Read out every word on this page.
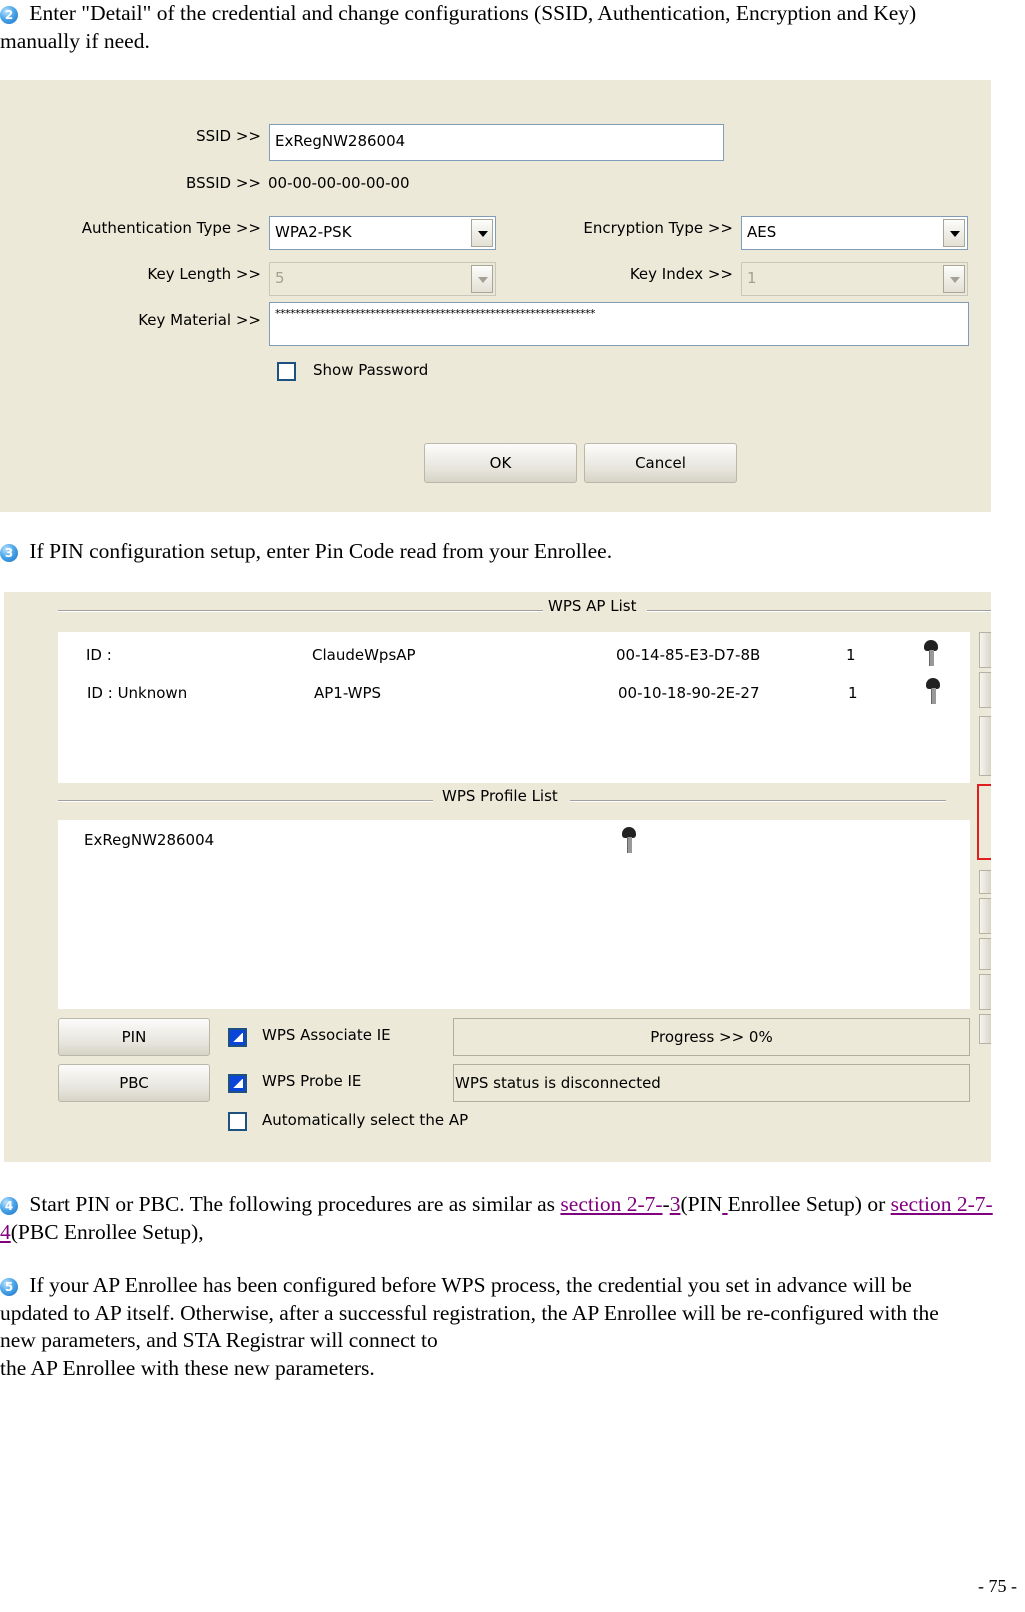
2 Enter "Detail" of the credential and change configurations (SSID, Authentication, Encryption and Key) manually if need.
SSID >> ExRegNW286004
BSSID >> 00-00-00-00-00-00
Authentication Type >> WPA2-PSK	Encryption Type >> AES
Key Length >> 5	Key Index >> 1
Key Material >>	****************************************************************
Show Password
OK	Cancel
3 If PIN configuration setup, enter Pin Code read from your Enrollee.
WPS AP List
ID :	ClaudeWpsAP	00-14-85-E3-D7-8B	1
ID : Unknown	AP1-WPS	00-10-18-90-2E-27	1
WPS Profile List
ExRegNW286004
PIN
PBC
WPS Associate IE
WPS Probe IE
Automatically select the AP
Progress >> 0%
WPS status is disconnected
4 Start PIN or PBC. The following procedures are as similar as section 2-7--3(PIN Enrollee Setup) or section 2-7-4(PBC Enrollee Setup),
5 If your AP Enrollee has been configured before WPS process, the credential you set in advance will be updated to AP itself. Otherwise, after a successful registration, the AP Enrollee will be re-configured with the new parameters, and STA Registrar will connect to
the AP Enrollee with these new parameters.
- 75 -
